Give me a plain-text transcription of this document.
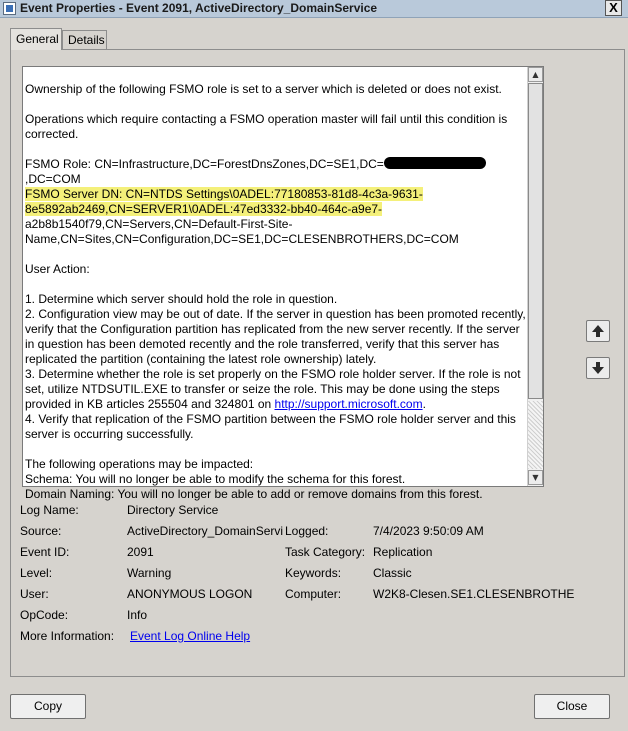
Event Properties - Event 2091, ActiveDirectory_DomainService	X
General Details

Ownership of the following FSMO role is set to a server which is deleted or does not exist.

Operations which require contacting a FSMO operation master will fail until this condition is

corrected.

FSMO Role: CN=Infrastructure,DC=ForestDnsZones,DC=SE1,DC=,DC=COM

FSMO Server DN: CN=NTDS Settings\0ADEL:77180853-81d8-4c3a-9631-

8e5892ab2469,CN=SERVER1\0ADEL:47ed3332-bb40-464c-a9e7-

a2b8b1540f79,CN=Servers,CN=Default-First-Site-

Name,CN=Sites,CN=Configuration,DC=SE1,DC=CLESENBROTHERS,DC=COM

User Action:

1. Determine which server should hold the role in question.

2. Configuration view may be out of date. If the server in question has been promoted recently,

verify that the Configuration partition has replicated from the new server recently. If the server

in question has been demoted recently and the role transferred, verify that this server has

replicated the partition (containing the latest role ownership) lately.

3. Determine whether the role is set properly on the FSMO role holder server. If the role is not

set, utilize NTDSUTIL.EXE to transfer or seize the role. This may be done using the steps

provided in KB articles 255504 and 324801 on http://support.microsoft.com.

4. Verify that replication of the FSMO partition between the FSMO role holder server and this

server is occurring successfully.

The following operations may be impacted:

Schema: You will no longer be able to modify the schema for this forest.

Domain Naming: You will no longer be able to add or remove domains from this forest.

▲
▼
Log Name:	Directory Service
Source:	ActiveDirectory_DomainServi Logged:	7/4/2023 9:50:09 AM
Event ID:	2091	Task Category: Replication
Level:	Warning	Keywords:	Classic
User:	ANONYMOUS LOGON	Computer:	W2K8-Clesen.SE1.CLESENBROTHE
OpCode:	Info
More Information: Event Log Online Help
Copy	Close
